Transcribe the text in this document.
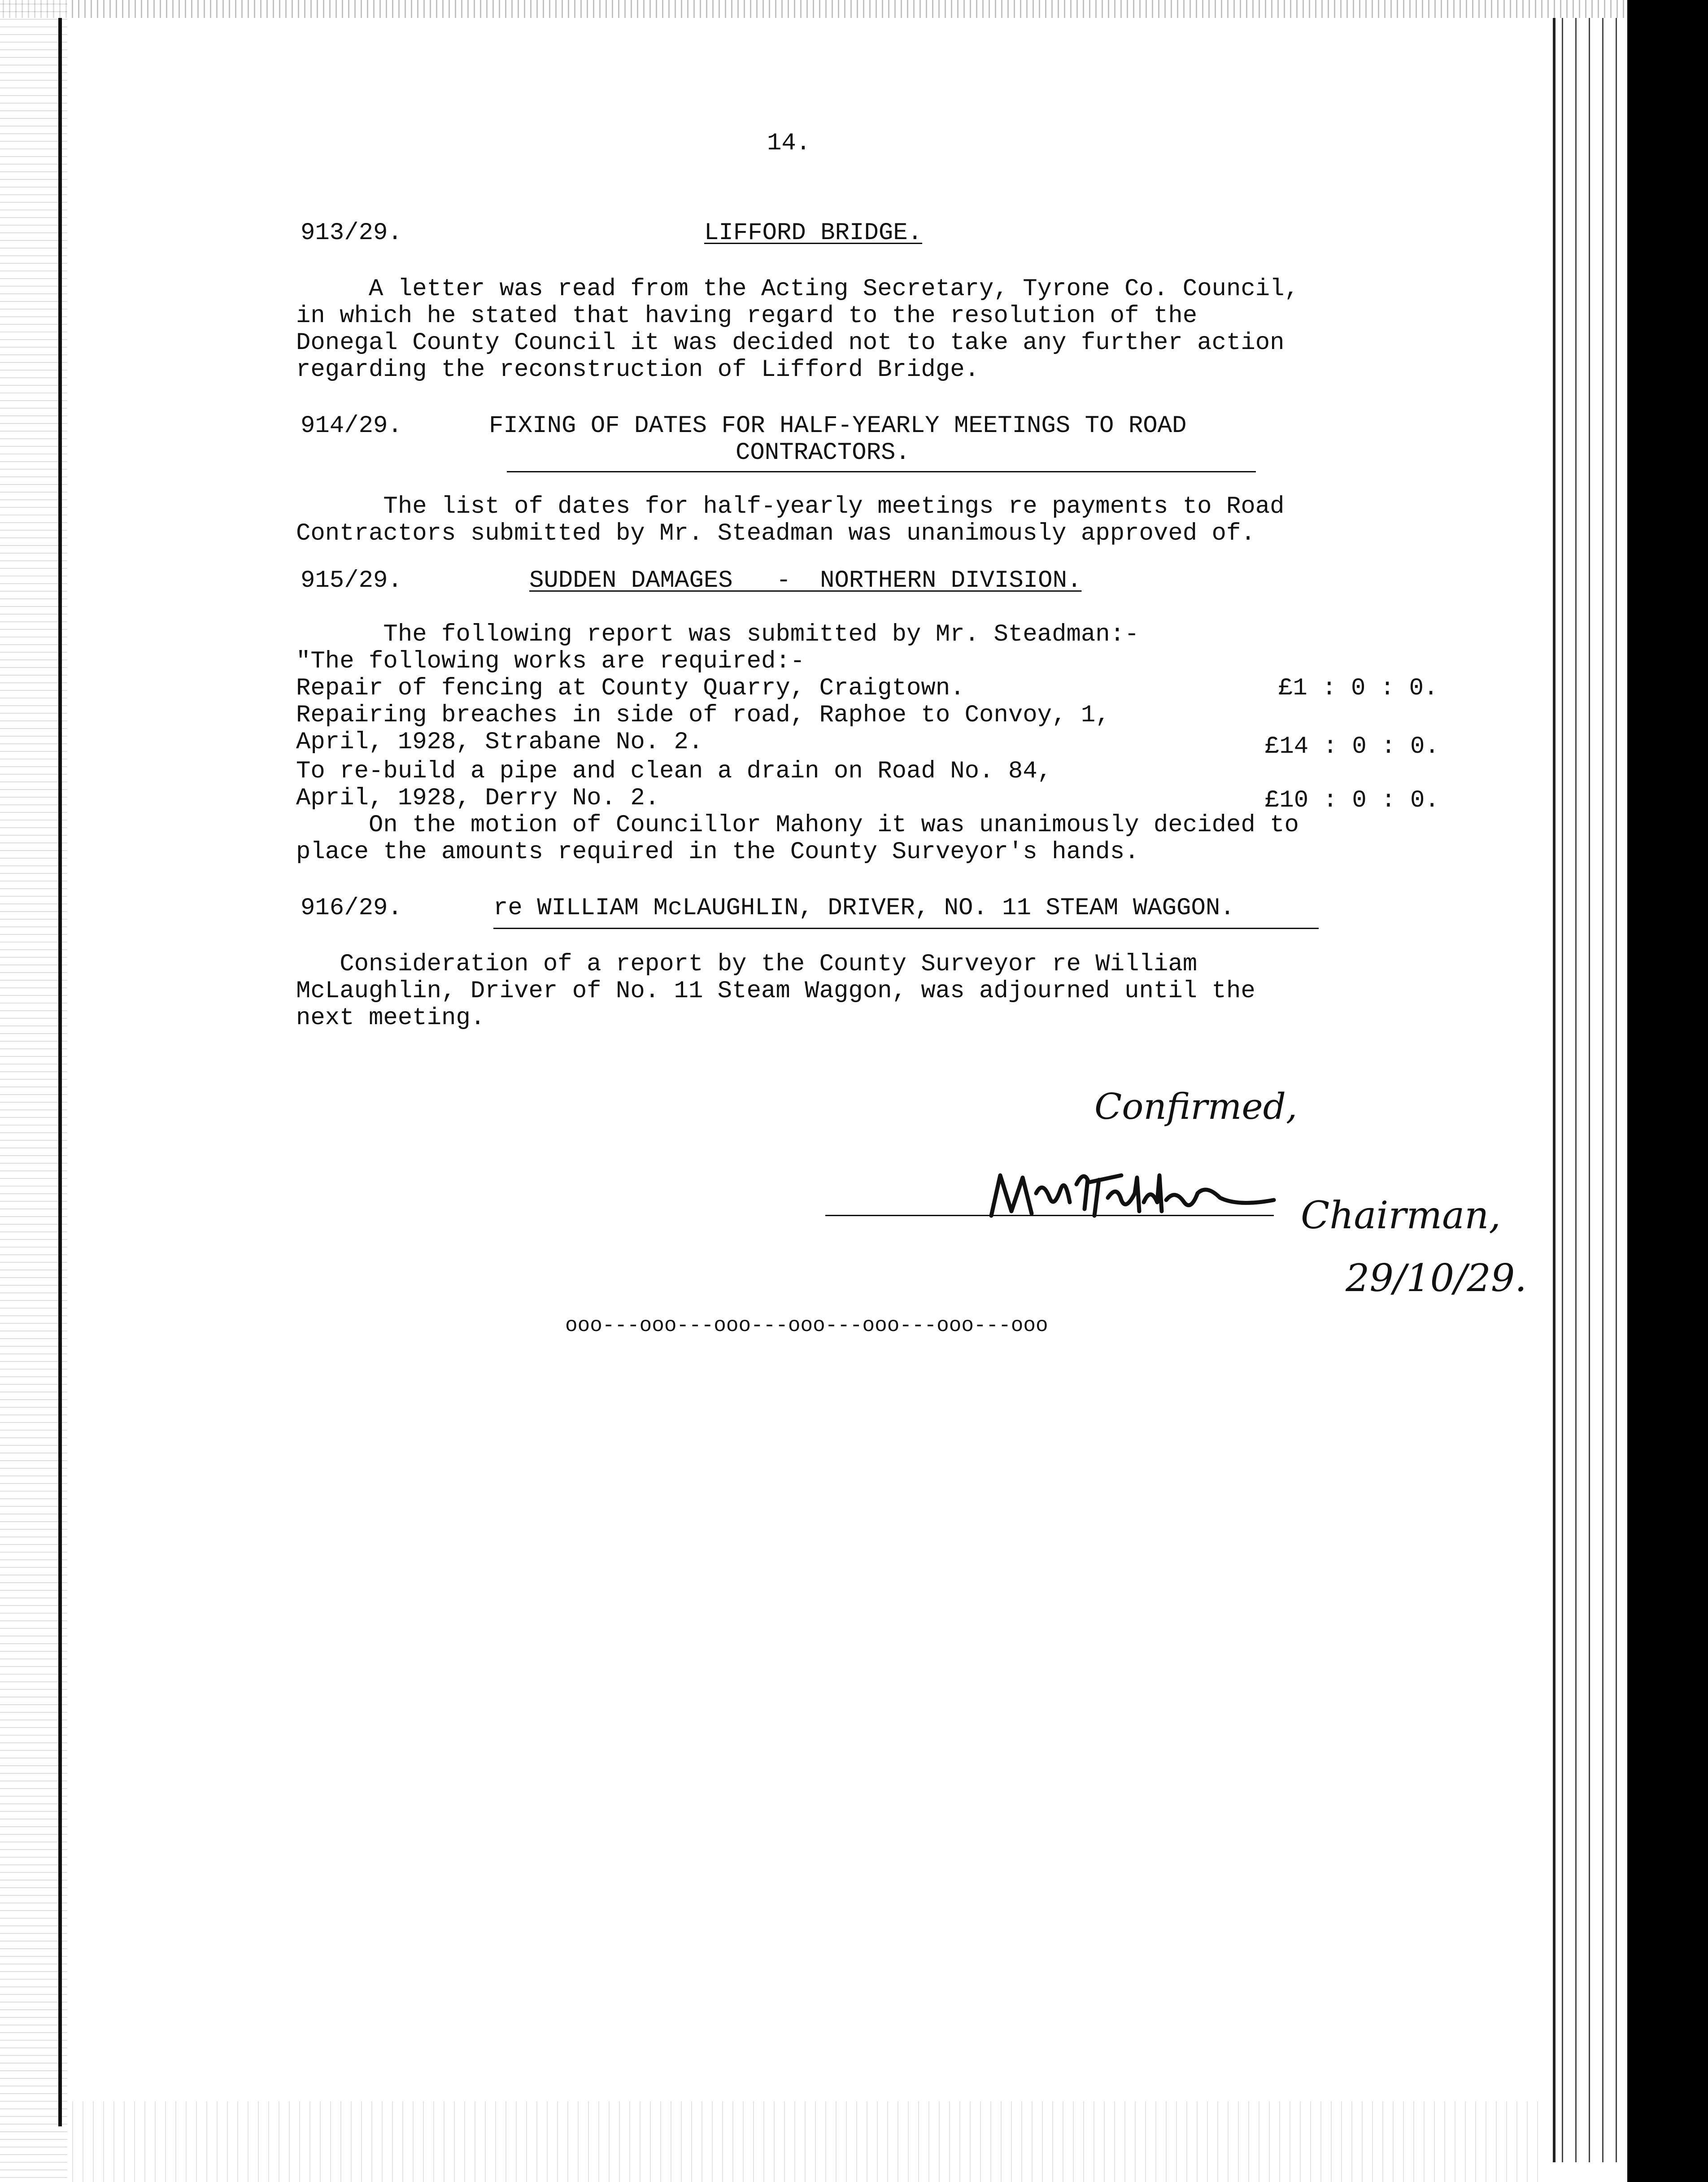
14.
913/29.	LIFFORD BRIDGE.
A letter was read from the Acting Secretary, Tyrone Co. Council,
in which he stated that having regard to the resolution of the
Donegal County Council it was decided not to take any further action
regarding the reconstruction of Lifford Bridge.
914/29.	FIXING OF DATES FOR HALF-YEARLY MEETINGS TO ROAD
CONTRACTORS.
The list of dates for half-yearly meetings re payments to Road
Contractors submitted by Mr. Steadman was unanimously approved of.
915/29.	SUDDEN DAMAGES   -  NORTHERN DIVISION.
The following report was submitted by Mr. Steadman:-
"The following works are required:-
Repair of fencing at County Quarry, Craigtown.	£1 : 0 : 0.
Repairing breaches in side of road, Raphoe to Convoy, 1,
April, 1928, Strabane No. 2.	£14 : 0 : 0.
To re-build a pipe and clean a drain on Road No. 84,
April, 1928, Derry No. 2.	£10 : 0 : 0.
On the motion of Councillor Mahony it was unanimously decided to
place the amounts required in the County Surveyor's hands.
916/29.	re WILLIAM McLAUGHLIN, DRIVER, NO. 11 STEAM WAGGON.
Consideration of a report by the County Surveyor re William
McLaughlin, Driver of No. 11 Steam Waggon, was adjourned until the
next meeting.
Confirmed,
Chairman,
29/10/29.
ooo---ooo---ooo---ooo---ooo---ooo---ooo
